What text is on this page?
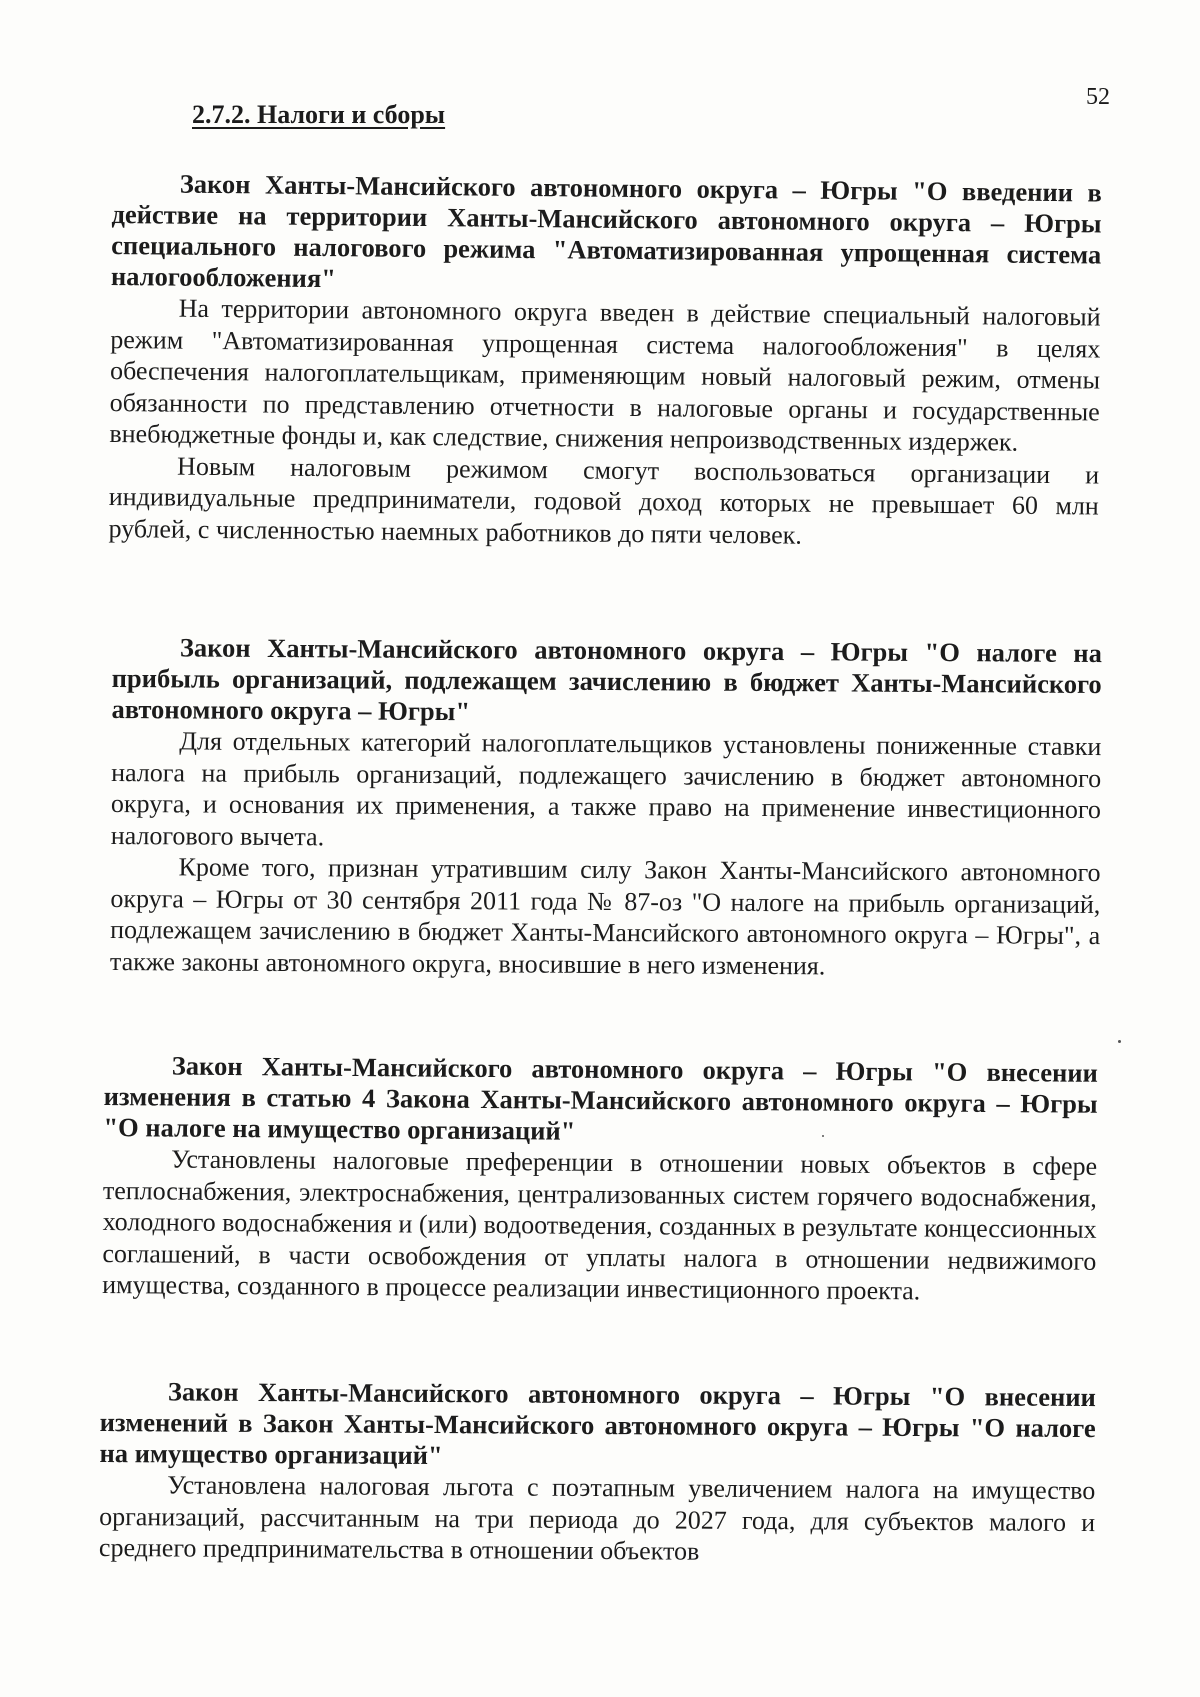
52
2.7.2. Налоги и сборы

Закон Ханты-Мансийского автономного округа – Югры "О введении в действие на территории Ханты-Мансийского автономного округа – Югры специального налогового режима "Автоматизированная упрощенная система налогообложения"

На территории автономного округа введен в действие специальный налоговый режим "Автоматизированная упрощенная система налогообложения" в целях обеспечения налогоплательщикам, применяющим новый налоговый режим, отмены обязанности по представлению отчетности в налоговые органы и государственные внебюджетные фонды и, как следствие, снижения непроизводственных издержек.

Новым налоговым режимом смогут воспользоваться организации и индивидуальные предприниматели, годовой доход которых не превышает 60 млн рублей, с численностью наемных работников до пяти человек.

Закон Ханты-Мансийского автономного округа – Югры "О налоге на прибыль организаций, подлежащем зачислению в бюджет Ханты-Мансийского автономного округа – Югры"

Для отдельных категорий налогоплательщиков установлены пониженные ставки налога на прибыль организаций, подлежащего зачислению в бюджет автономного округа, и основания их применения, а также право на применение инвестиционного налогового вычета.

Кроме того, признан утратившим силу Закон Ханты-Мансийского автономного округа – Югры от 30 сентября 2011 года № 87-оз "О налоге на прибыль организаций, подлежащем зачислению в бюджет Ханты-Мансийского автономного округа – Югры", а также законы автономного округа, вносившие в него изменения.

Закон Ханты-Мансийского автономного округа – Югры "О внесении изменения в статью 4 Закона Ханты-Мансийского автономного округа – Югры "О налоге на имущество организаций"

Установлены налоговые преференции в отношении новых объектов в сфере теплоснабжения, электроснабжения, централизованных систем горячего водоснабжения, холодного водоснабжения и (или) водоотведения, созданных в результате концессионных соглашений, в части освобождения от уплаты налога в отношении недвижимого имущества, созданного в процессе реализации инвестиционного проекта.

Закон Ханты-Мансийского автономного округа – Югры "О внесении изменений в Закон Ханты-Мансийского автономного округа – Югры "О налоге на имущество организаций"

Установлена налоговая льгота с поэтапным увеличением налога на имущество организаций, рассчитанным на три периода до 2027 года, для субъектов малого и среднего предпринимательства в отношении объектов
